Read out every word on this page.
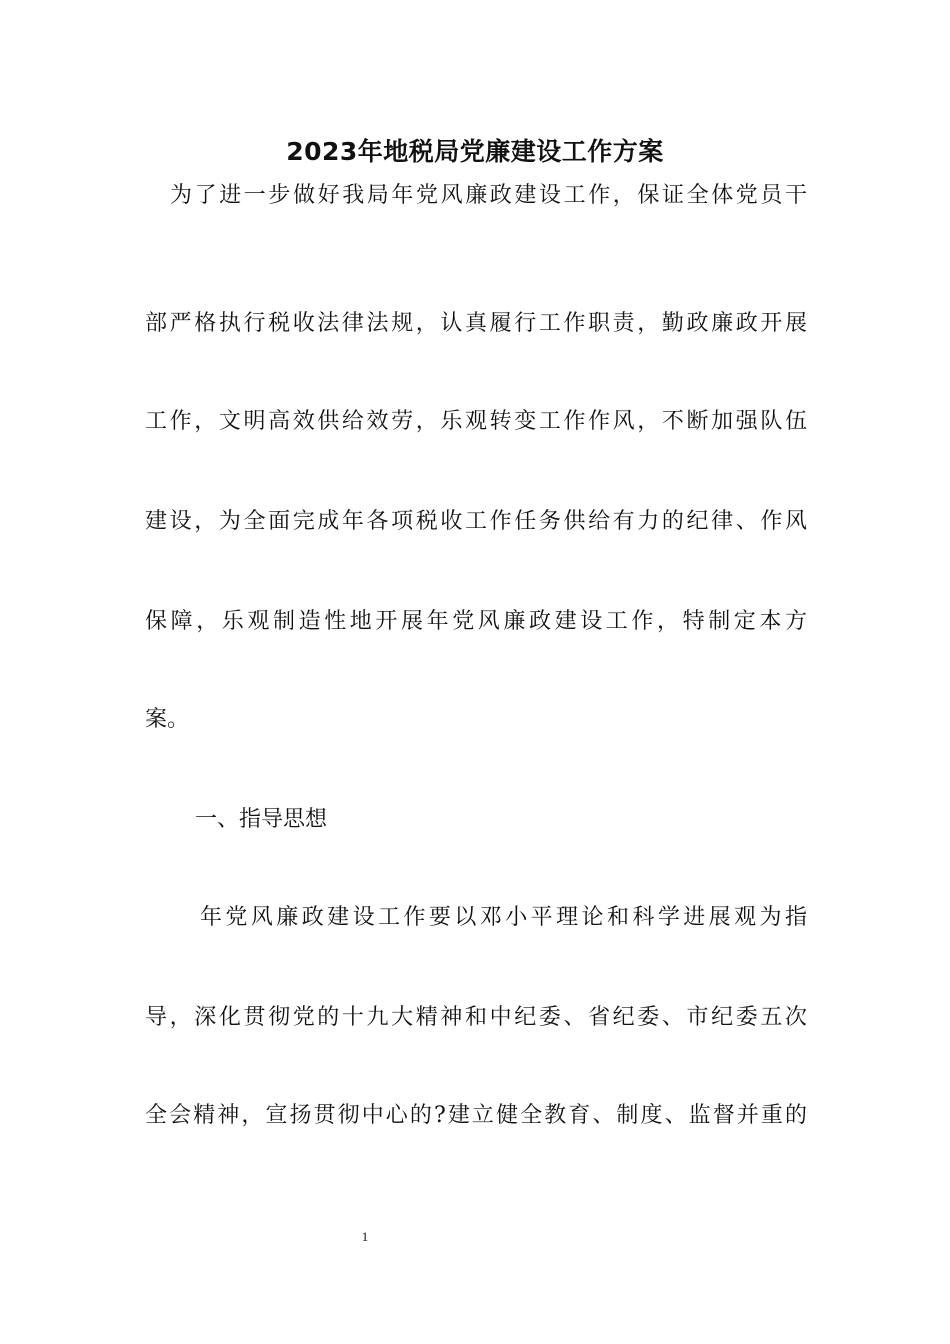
2023年地税局党廉建设工作方案
为了进一步做好我局年党风廉政建设工作，保证全体党员干
部严格执行税收法律法规，认真履行工作职责，勤政廉政开展
工作，文明高效供给效劳，乐观转变工作作风，不断加强队伍
建设，为全面完成年各项税收工作任务供给有力的纪律、作风
保障，乐观制造性地开展年党风廉政建设工作，特制定本方
案。
一、指导思想
年党风廉政建设工作要以邓小平理论和科学进展观为指
导，深化贯彻党的十九大精神和中纪委、省纪委、市纪委五次
全会精神，宣扬贯彻中心的?建立健全教育、制度、监督并重的
1
